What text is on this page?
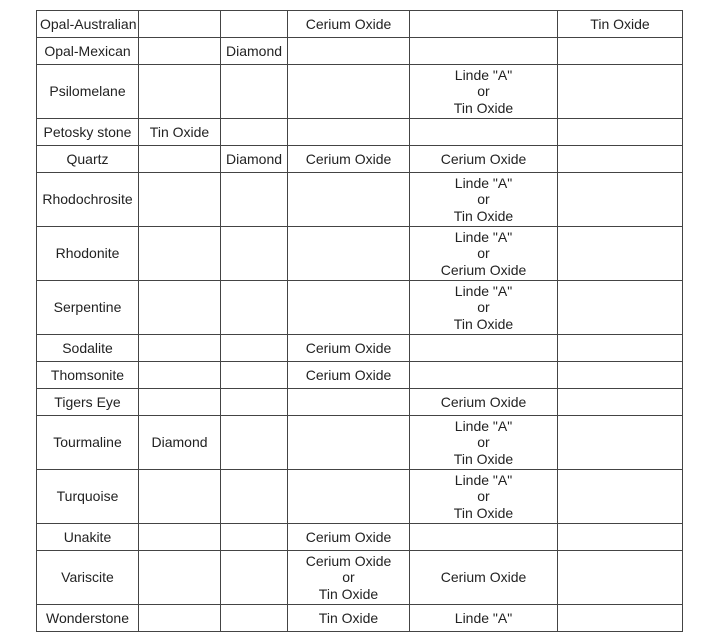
Opal-Australian			Cerium Oxide		Tin Oxide

Opal-Mexican		Diamond			

Psilomelane				Linde "A"
or
Tin Oxide	

Petosky stone	Tin Oxide				

Quartz		Diamond	Cerium Oxide	Cerium Oxide	

Rhodochrosite				Linde "A"
or
Tin Oxide	

Rhodonite				Linde "A"
or
Cerium Oxide	

Serpentine				Linde "A"
or
Tin Oxide	

Sodalite			Cerium Oxide		

Thomsonite			Cerium Oxide		

Tigers Eye				Cerium Oxide	

Tourmaline	Diamond			Linde "A"
or
Tin Oxide	

Turquoise				Linde "A"
or
Tin Oxide	

Unakite			Cerium Oxide		

Variscite			Cerium Oxide
or
Tin Oxide	Cerium Oxide	

Wonderstone			Tin Oxide	Linde "A"	
